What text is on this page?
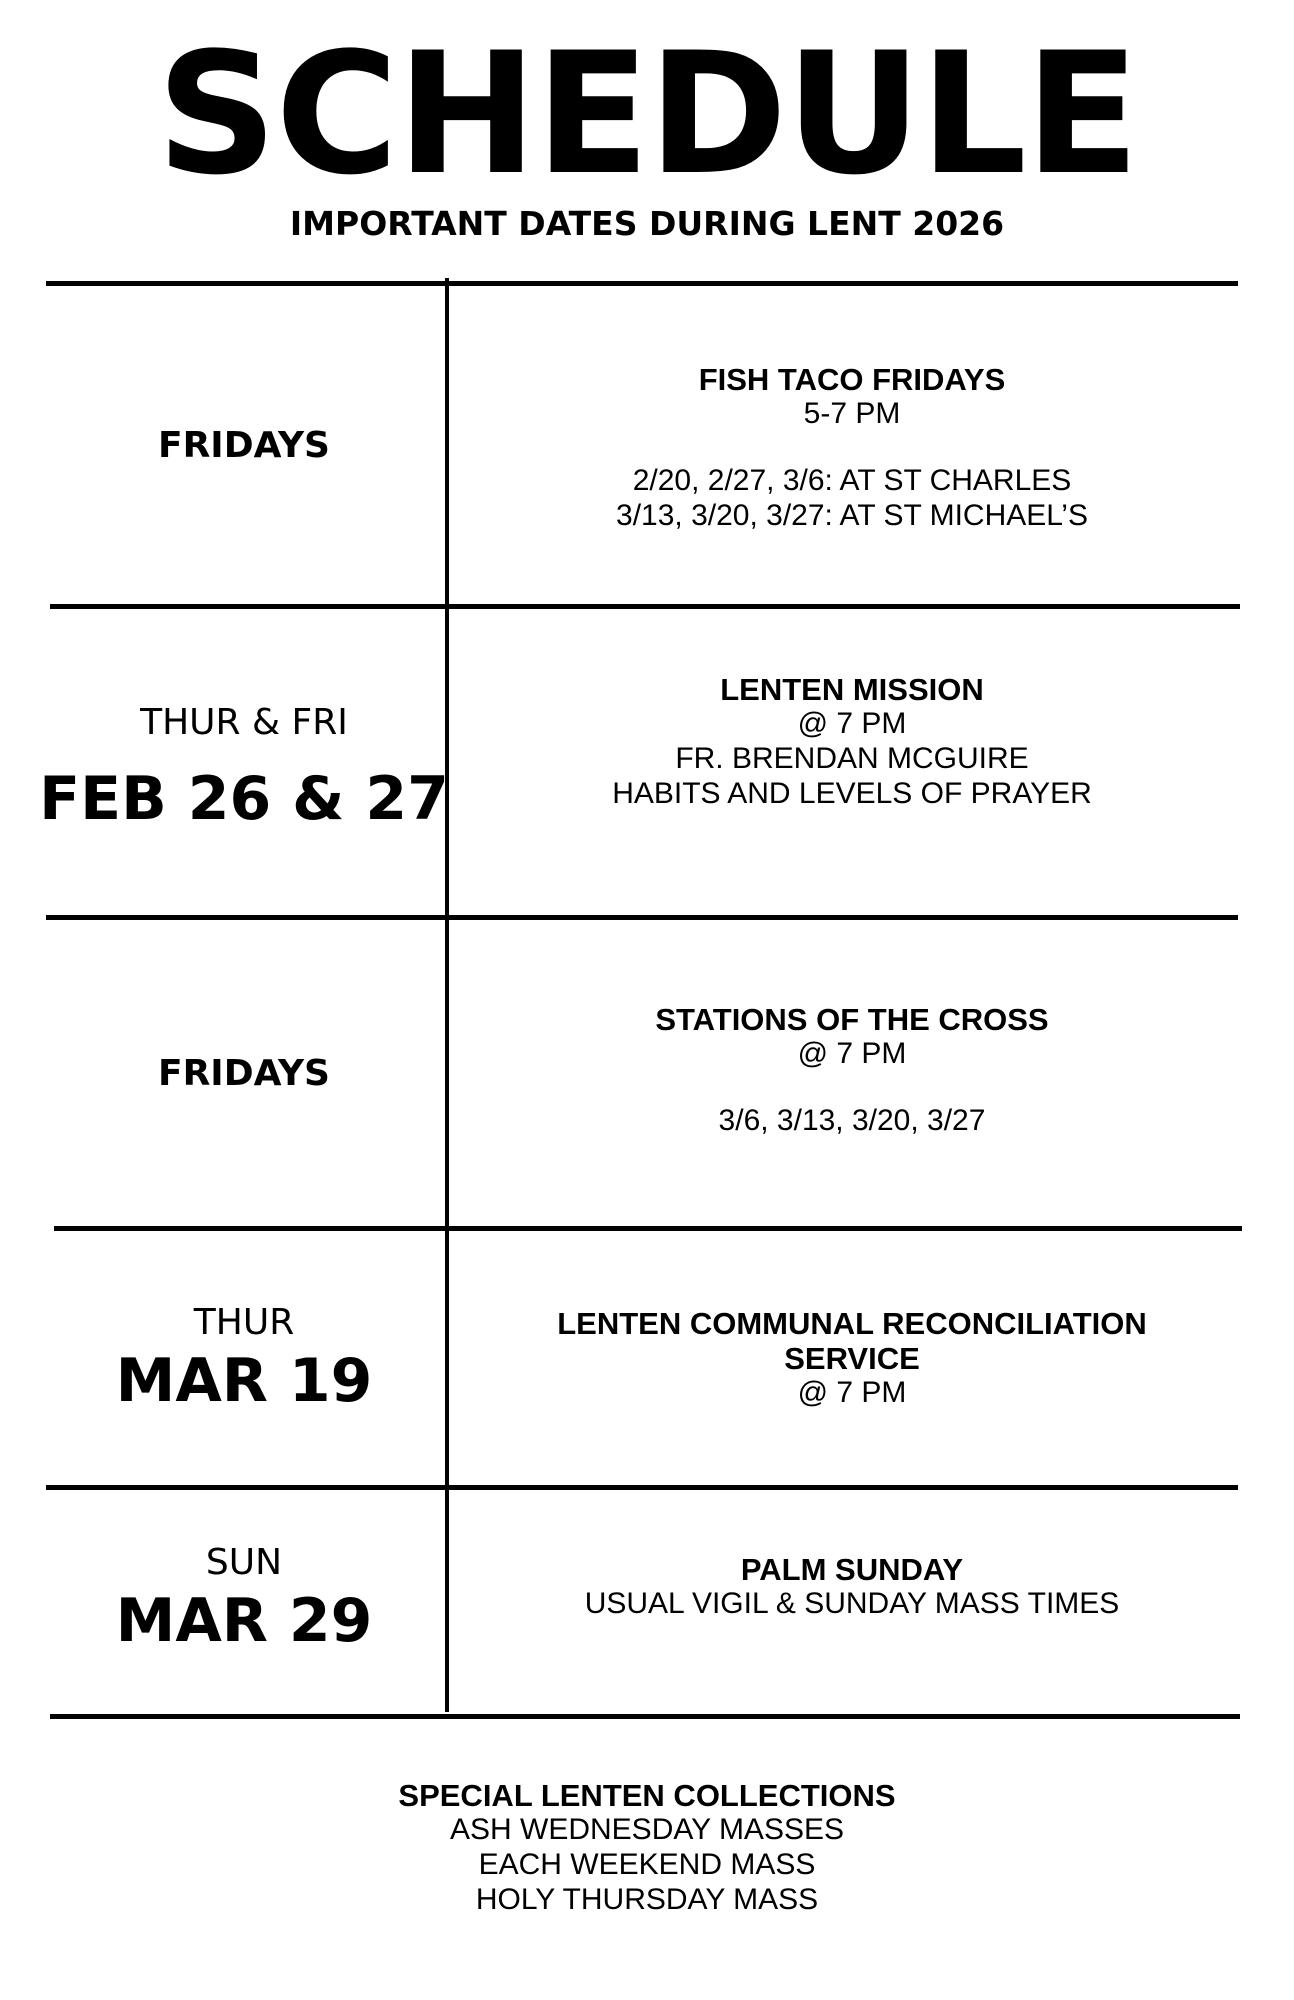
SCHEDULE
IMPORTANT DATES DURING LENT 2026
FRIDAYS
FISH TACO FRIDAYS
5-7 PM
2/20, 2/27, 3/6: AT ST CHARLES
3/13, 3/20, 3/27: AT ST MICHAEL’S
THUR & FRI
FEB 26 & 27
LENTEN MISSION
@ 7 PM
FR. BRENDAN MCGUIRE
HABITS AND LEVELS OF PRAYER
FRIDAYS
STATIONS OF THE CROSS
@ 7 PM
3/6, 3/13, 3/20, 3/27
THUR
MAR 19
LENTEN COMMUNAL RECONCILIATION
SERVICE
@ 7 PM
SUN
MAR 29
PALM SUNDAY
USUAL VIGIL & SUNDAY MASS TIMES
SPECIAL LENTEN COLLECTIONS
ASH WEDNESDAY MASSES
EACH WEEKEND MASS
HOLY THURSDAY MASS
